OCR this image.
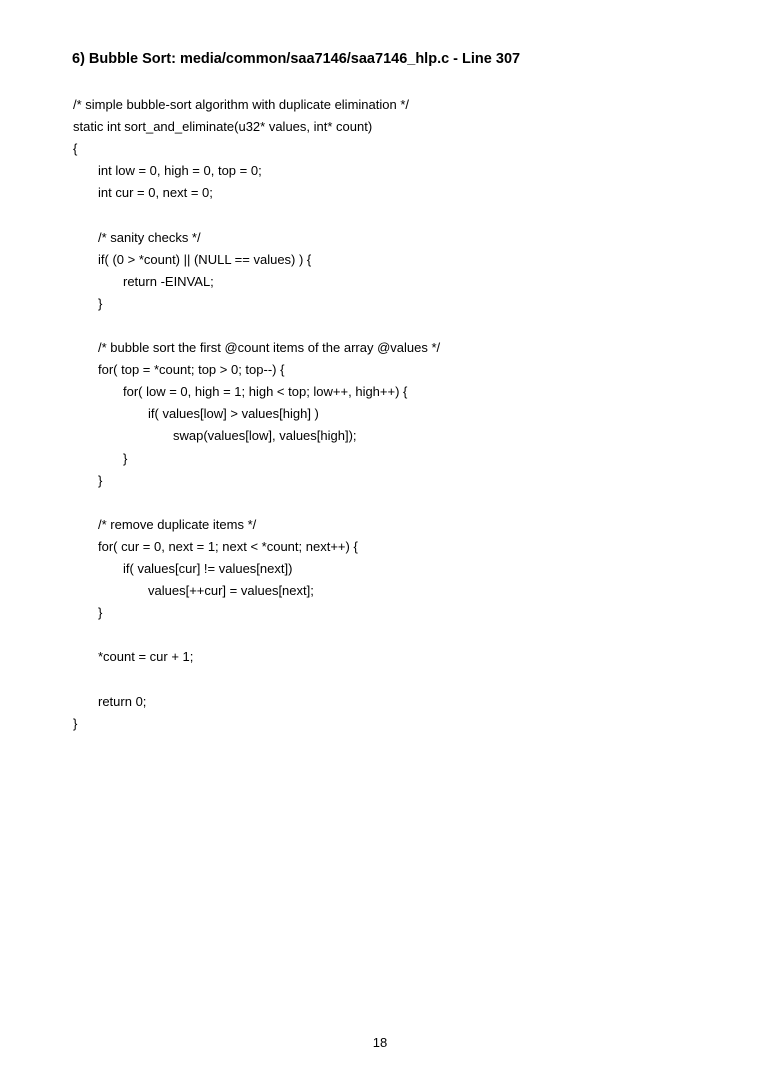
6) Bubble Sort: media/common/saa7146/saa7146_hlp.c - Line 307
/* simple bubble-sort algorithm with duplicate elimination */
static int sort_and_eliminate(u32* values, int* count)
{
int low = 0, high = 0, top = 0;
int cur = 0, next = 0;
/* sanity checks */
if( (0 > *count) || (NULL == values) ) {
return -EINVAL;
}
/* bubble sort the first @count items of the array @values */
for( top = *count; top > 0; top--) {
for( low = 0, high = 1; high < top; low++, high++) {
if( values[low] > values[high] )
swap(values[low], values[high]);
}
}
/* remove duplicate items */
for( cur = 0, next = 1; next < *count; next++) {
if( values[cur] != values[next])
values[++cur] = values[next];
}
*count = cur + 1;
return 0;
}
18
